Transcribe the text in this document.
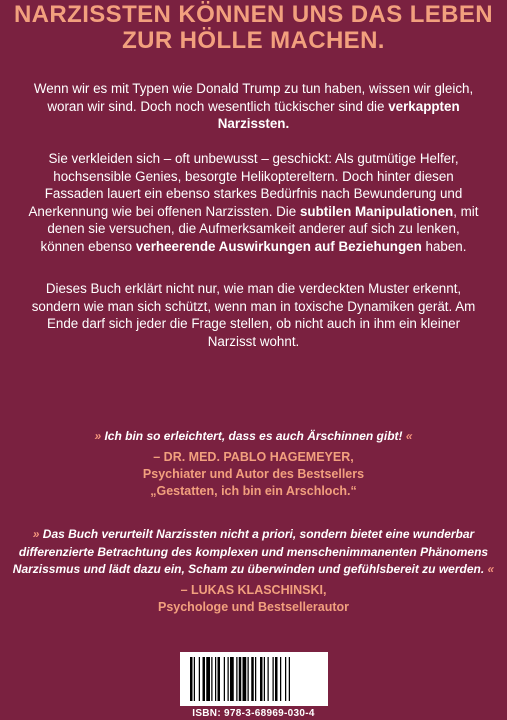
NARZISSTEN KÖNNEN UNS DAS LEBEN
ZUR HÖLLE MACHEN.

Wenn wir es mit Typen wie Donald Trump zu tun haben, wissen wir gleich, woran wir sind. Doch noch wesentlich tückischer sind die verkappten Narzissten.

Sie verkleiden sich – oft unbewusst – geschickt: Als gutmütige Helfer, hochsensible Genies, besorgte Helikoptereltern. Doch hinter diesen Fassaden lauert ein ebenso starkes Bedürfnis nach Bewunderung und Anerkennung wie bei offenen Narzissten. Die subtilen Manipulationen, mit denen sie versuchen, die Aufmerksamkeit anderer auf sich zu lenken, können ebenso verheerende Auswirkungen auf Beziehungen haben.

Dieses Buch erklärt nicht nur, wie man die verdeckten Muster erkennt, sondern wie man sich schützt, wenn man in toxische Dynamiken gerät. Am Ende darf sich jeder die Frage stellen, ob nicht auch in ihm ein kleiner Narzisst wohnt.

» Ich bin so erleichtert, dass es auch Ärschinnen gibt! «

– DR. MED. PABLO HAGEMEYER,
Psychiater und Autor des Bestsellers
„Gestatten, ich bin ein Arschloch.“

» Das Buch verurteilt Narzissten nicht a priori, sondern bietet eine wunderbar differenzierte Betrachtung des komplexen und menschenimmanenten Phänomens Narzissmus und lädt dazu ein, Scham zu überwinden und gefühlsbereit zu werden. «

– LUKAS KLASCHINSKI,
Psychologe und Bestsellerautor
ISBN: 978-3-68969-030-4
